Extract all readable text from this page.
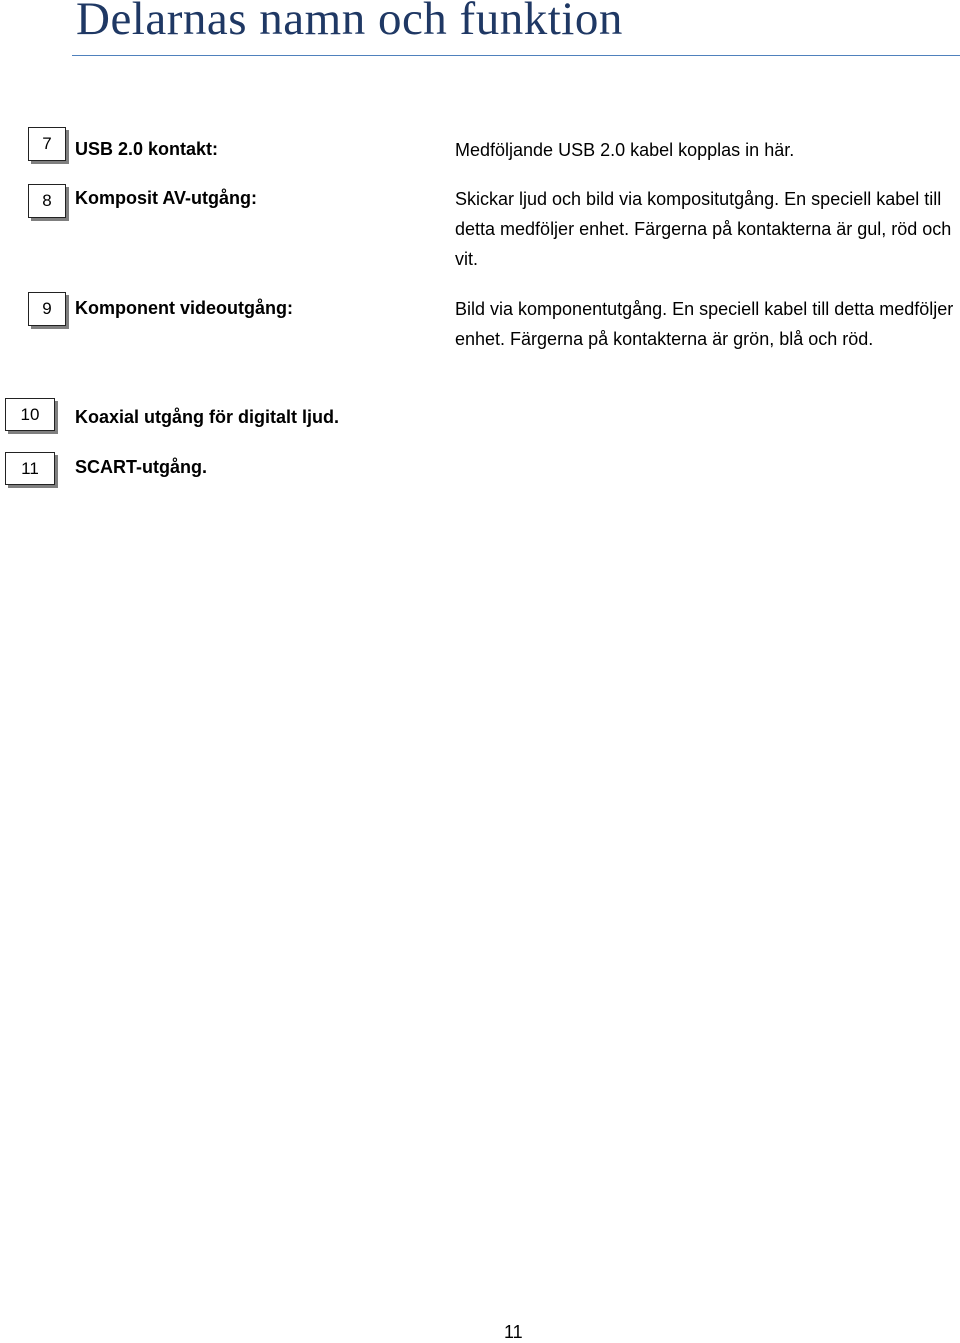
Delarnas namn och funktion
7	USB 2.0 kontakt:	Medföljande USB 2.0 kabel kopplas in här.
8	Komposit AV-utgång:	Skickar ljud och bild via kompositutgång. En speciell kabel till detta medföljer enhet. Färgerna på kontakterna är gul, röd och vit.
9	Komponent videoutgång:	Bild via komponentutgång. En speciell kabel till detta medföljer enhet. Färgerna på kontakterna är grön, blå och röd.
10	Koaxial utgång för digitalt ljud.
11	SCART-utgång.
11
